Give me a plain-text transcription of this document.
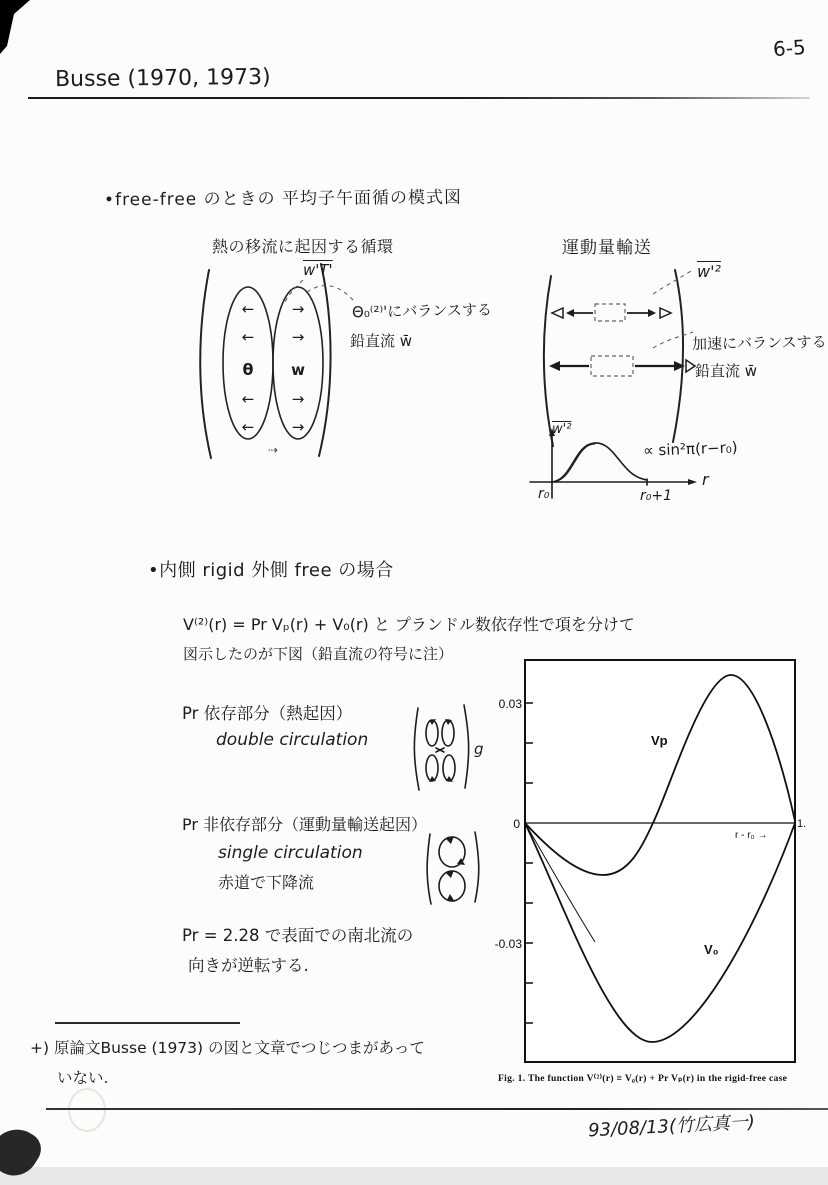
6-5
Busse (1970, 1973)
•free-free のときの 平均子午面循の模式図
熱の移流に起因する循環	運動量輸送
←
←
←
←
→
→
→
→
θ	w
⇢
w'T'
Θ₀⁽²⁾'にバランスする
鉛直流 w̄
w'²
加速にバランスする
鉛直流 w̄
w'²
∝ sin²π(r−r₀)
r
r₀	r₀+1
•内側 rigid 外側 free の場合
V⁽²⁾(r) = Pr Vₚ(r) + V₀(r) と プランドル数依存性で項を分けて
図示したのが下図（鉛直流の符号に注）
Pr 依存部分（熱起因）
double circulation	g
Pr 非依存部分（運動量輸送起因）
single circulation
赤道で下降流
Pr = 2.28 で表面での南北流の
向きが逆転する.
+) 原論文Busse (1973) の図と文章でつじつまがあって
いない.
0.03
0
-0.03
Vp
V₀
r - r₀ →
1.
Fig. 1. The function V⁽²⁾(r) ≡ V₀(r) + Pr Vₚ(r) in the rigid-free case
93/08/13(竹広真一)
